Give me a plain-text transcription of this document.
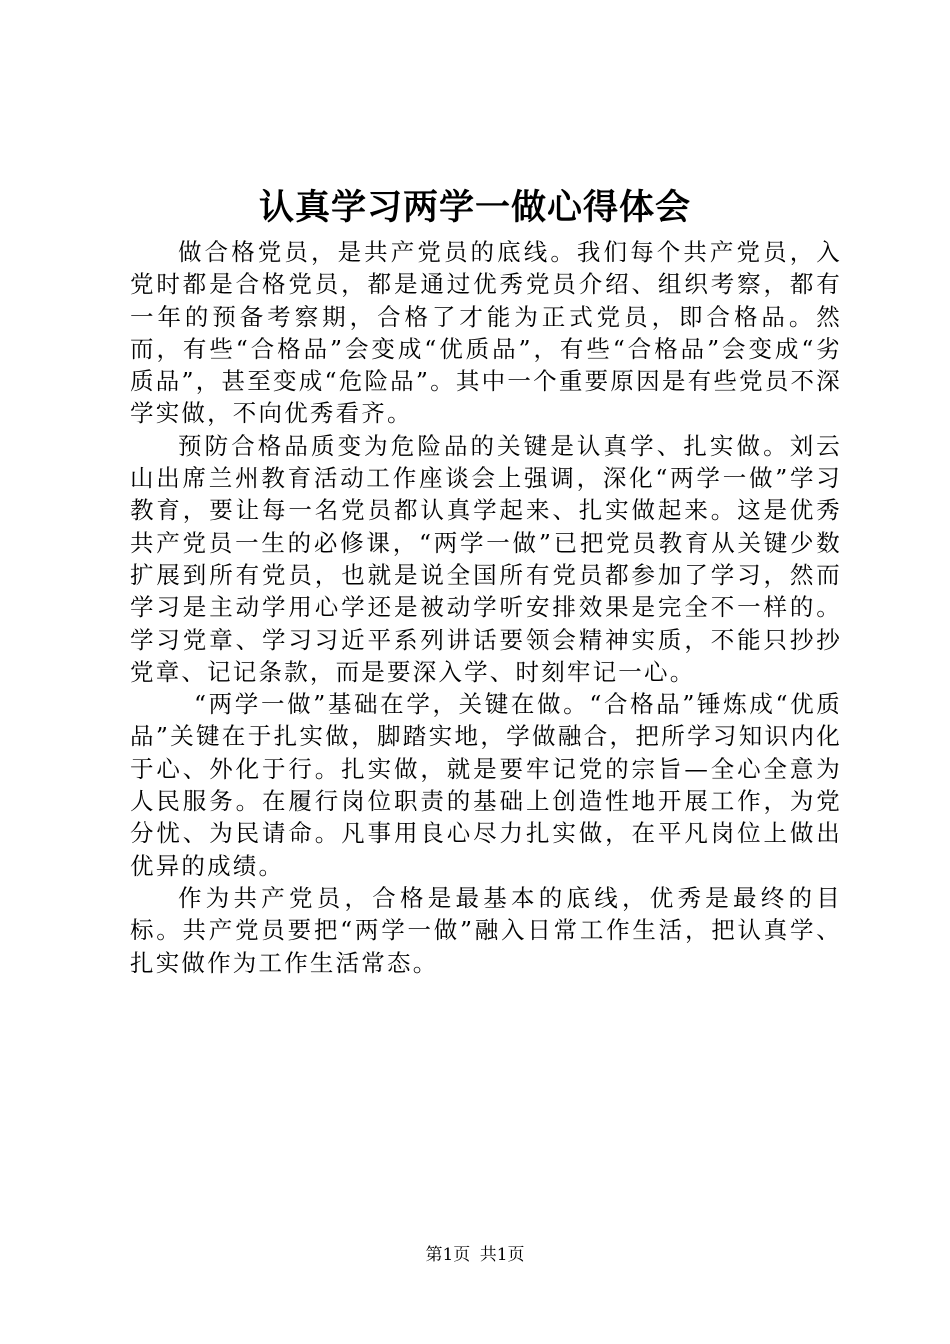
认真学习两学一做心得体会

做合格党员，是共产党员的底线。我们每个共产党员，入党时都是合格党员，都是通过优秀党员介绍、组织考察，都有一年的预备考察期，合格了才能为正式党员，即合格品。然而，有些“合格品”会变成“优质品”，有些“合格品”会变成“劣质品”，甚至变成“危险品”。其中一个重要原因是有些党员不深学实做，不向优秀看齐。

预防合格品质变为危险品的关键是认真学、扎实做。刘云山出席兰州教育活动工作座谈会上强调，深化“两学一做”学习教育，要让每一名党员都认真学起来、扎实做起来。这是优秀共产党员一生的必修课，“两学一做”已把党员教育从关键少数扩展到所有党员，也就是说全国所有党员都参加了学习，然而学习是主动学用心学还是被动学听安排效果是完全不一样的。学习党章、学习习近平系列讲话要领会精神实质，不能只抄抄党章、记记条款，而是要深入学、时刻牢记一心。

“两学一做”基础在学，关键在做。“合格品”锤炼成“优质品”关键在于扎实做，脚踏实地，学做融合，把所学习知识内化于心、外化于行。扎实做，就是要牢记党的宗旨—全心全意为人民服务。在履行岗位职责的基础上创造性地开展工作，为党分忧、为民请命。凡事用良心尽力扎实做，在平凡岗位上做出优异的成绩。

作为共产党员，合格是最基本的底线，优秀是最终的目标。共产党员要把“两学一做”融入日常工作生活，把认真学、扎实做作为工作生活常态。

第1页 共1页
